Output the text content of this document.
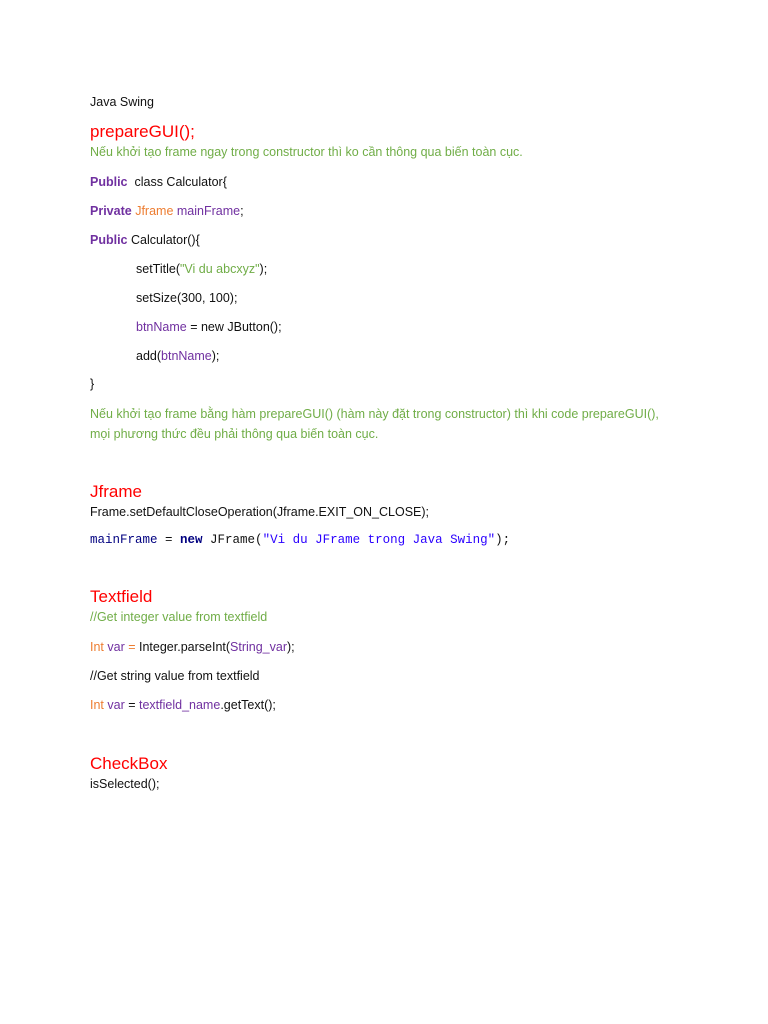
Java Swing
prepareGUI();
Nếu khởi tạo frame ngay trong constructor thì ko cần thông qua biến toàn cục.
Public  class Calculator{
Private Jframe mainFrame;
Public Calculator(){
setTitle("Vi du abcxyz");
setSize(300, 100);
btnName = new JButton();
add(btnName);
}
Nếu khởi tạo frame bằng hàm prepareGUI() (hàm này đặt trong constructor) thì khi code prepareGUI(), mọi phương thức đều phải thông qua biến toàn cục.
Jframe
Frame.setDefaultCloseOperation(Jframe.EXIT_ON_CLOSE);
mainFrame = new JFrame("Vi du JFrame trong Java Swing");
Textfield
//Get integer value from textfield
Int var = Integer.parseInt(String_var);
//Get string value from textfield
Int var = textfield_name.getText();
CheckBox
isSelected();
